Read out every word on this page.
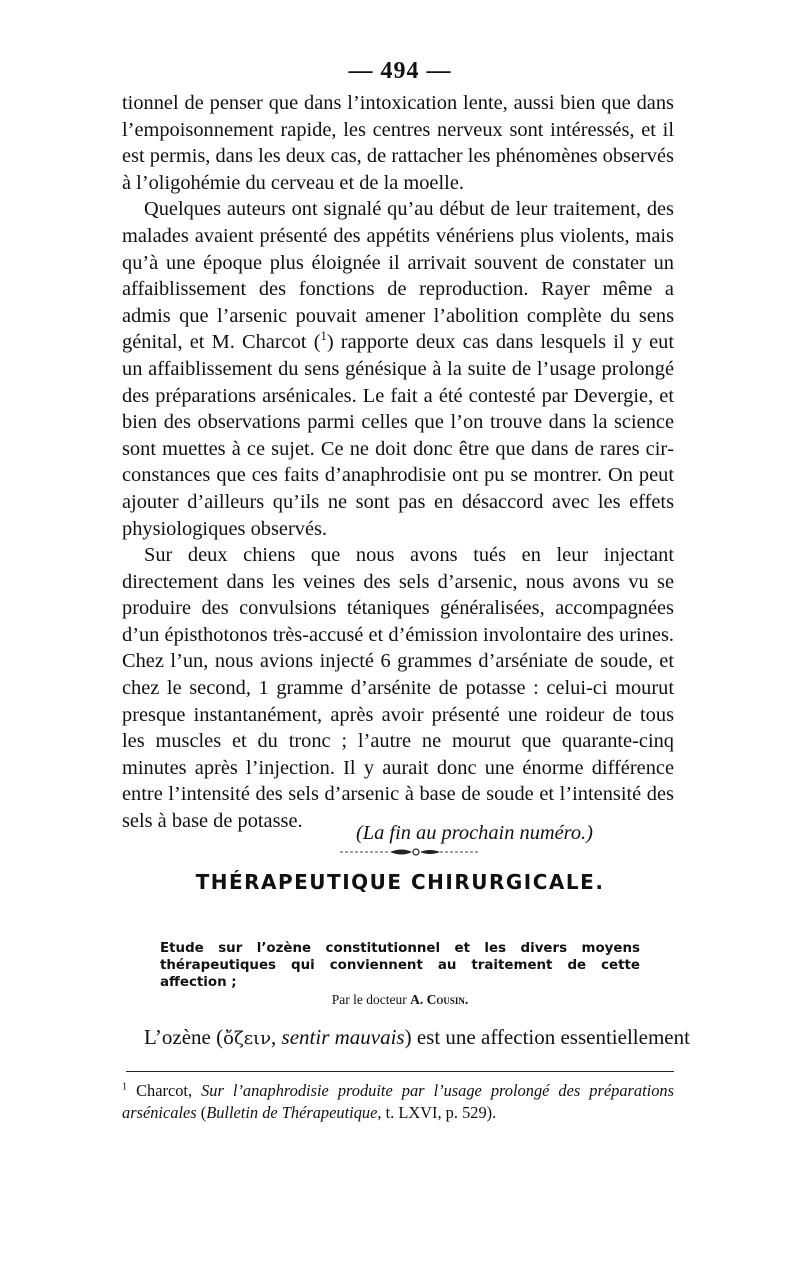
— 494 —

tionnel de penser que dans l’intoxication lente, aussi bien que dans l’empoisonnement rapide, les centres nerveux sont intéressés, et il est permis, dans les deux cas, de rattacher les phénomènes observés à l’oligohémie du cerveau et de la moelle.

Quelques auteurs ont signalé qu’au début de leur traitement, des malades avaient présenté des appétits vénériens plus violents, mais qu’à une époque plus éloignée il arrivait souvent de constater un affaiblissement des fonctions de reproduction. Rayer même a admis que l’arsenic pouvait amener l’abolition complète du sens génital, et M. Charcot ($^1$) rapporte deux cas dans lesquels il y eut un affaiblissement du sens génésique à la suite de l’usage prolongé des préparations arsénicales. Le fait a été contesté par Devergie, et bien des observations parmi celles que l’on trouve dans la science sont muettes à ce sujet. Ce ne doit donc être que dans de rares circonstances que ces faits d’anaphrodisie ont pu se montrer. On peut ajouter d’ailleurs qu’ils ne sont pas en désaccord avec les effets physiologiques observés.

Sur deux chiens que nous avons tués en leur injectant directement dans les veines des sels d’arsenic, nous avons vu se produire des convulsions tétaniques généralisées, accompagnées d’un épisthotonos très-accusé et d’émission involontaire des urines. Chez l’un, nous avions injecté 6 grammes d’arséniate de soude, et chez le second, 1 gramme d’arsénite de potasse : celui-ci mourut presque instantanément, après avoir présenté une roideur de tous les muscles et du tronc ; l’autre ne mourut que quarante-cinq minutes après l’injection. Il y aurait donc une énorme différence entre l’intensité des sels d’arsenic à base de soude et l’intensité des sels à base de potasse.

(La fin au prochain numéro.)
THÉRAPEUTIQUE CHIRURGICALE.
Etude sur l’ozène constitutionnel et les divers moyens thérapeutiques qui conviennent au traitement de cette affection ;
Par le docteur A. Cousin.
L’ozène (ὄζειν, sentir mauvais) est une affection essentiellement
$^1$ Charcot, Sur l’anaphrodisie produite par l’usage prolongé des préparations arsénicales (Bulletin de Thérapeutique, t. LXVI, p. 529).
